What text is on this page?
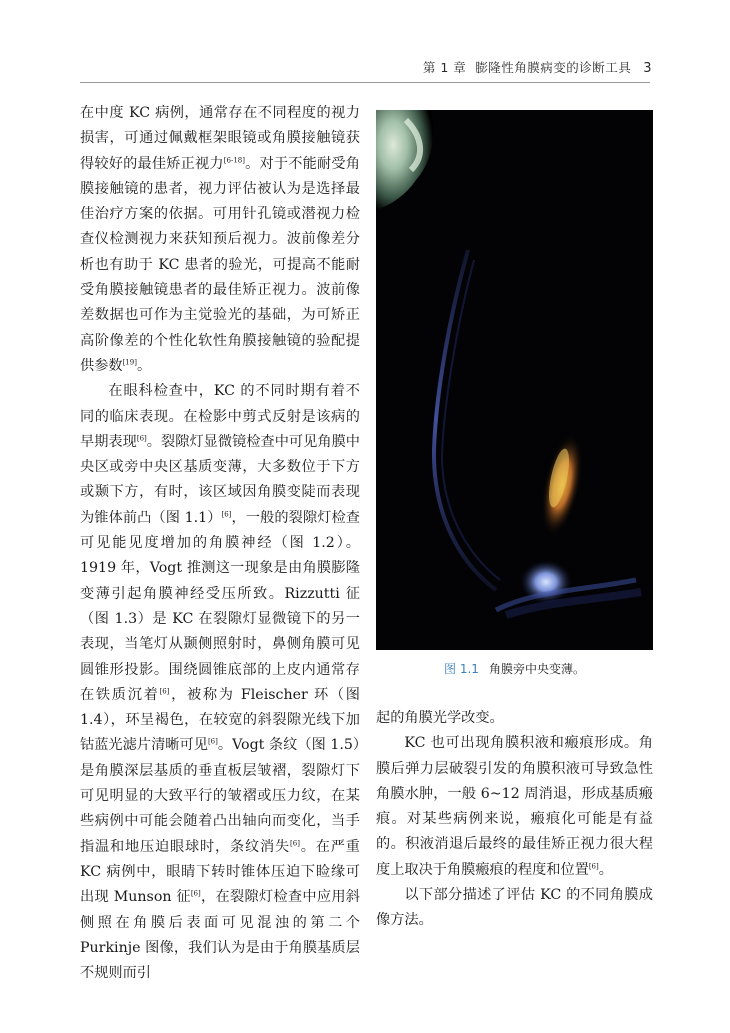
第 1 章 膨隆性角膜病变的诊断工具 3

在中度 KC 病例，通常存在不同程度的视力损害，可通过佩戴框架眼镜或角膜接触镜获得较好的最佳矫正视力[6-18]。对于不能耐受角膜接触镜的患者，视力评估被认为是选择最佳治疗方案的依据。可用针孔镜或潜视力检查仪检测视力来获知预后视力。波前像差分析也有助于 KC 患者的验光，可提高不能耐受角膜接触镜患者的最佳矫正视力。波前像差数据也可作为主觉验光的基础，为可矫正高阶像差的个性化软性角膜接触镜的验配提供参数[19]。

在眼科检查中，KC 的不同时期有着不同的临床表现。在检影中剪式反射是该病的早期表现[6]。裂隙灯显微镜检查中可见角膜中央区或旁中央区基质变薄，大多数位于下方或颞下方，有时，该区域因角膜变陡而表现为锥体前凸（图 1.1）[6]，一般的裂隙灯检查可见能见度增加的角膜神经（图 1.2）。1919 年，Vogt 推测这一现象是由角膜膨隆变薄引起角膜神经受压所致。Rizzutti 征（图 1.3）是 KC 在裂隙灯显微镜下的另一表现，当笔灯从颞侧照射时，鼻侧角膜可见圆锥形投影。围绕圆锥底部的上皮内通常存在铁质沉着[6]，被称为 Fleischer 环（图 1.4），环呈褐色，在较宽的斜裂隙光线下加钴蓝光滤片清晰可见[6]。Vogt 条纹（图 1.5）是角膜深层基质的垂直板层皱褶，裂隙灯下可见明显的大致平行的皱褶或压力纹，在某些病例中可能会随着凸出轴向而变化，当手指温和地压迫眼球时，条纹消失[6]。在严重 KC 病例中，眼睛下转时锥体压迫下睑缘可出现 Munson 征[6]，在裂隙灯检查中应用斜侧照在角膜后表面可见混浊的第二个 Purkinje 图像，我们认为是由于角膜基质层不规则而引

图 1.1 角膜旁中央变薄。

起的角膜光学改变。

KC 也可出现角膜积液和瘢痕形成。角膜后弹力层破裂引发的角膜积液可导致急性角膜水肿，一般 6~12 周消退，形成基质瘢痕。对某些病例来说，瘢痕化可能是有益的。积液消退后最终的最佳矫正视力很大程度上取决于角膜瘢痕的程度和位置[6]。

以下部分描述了评估 KC 的不同角膜成像方法。
